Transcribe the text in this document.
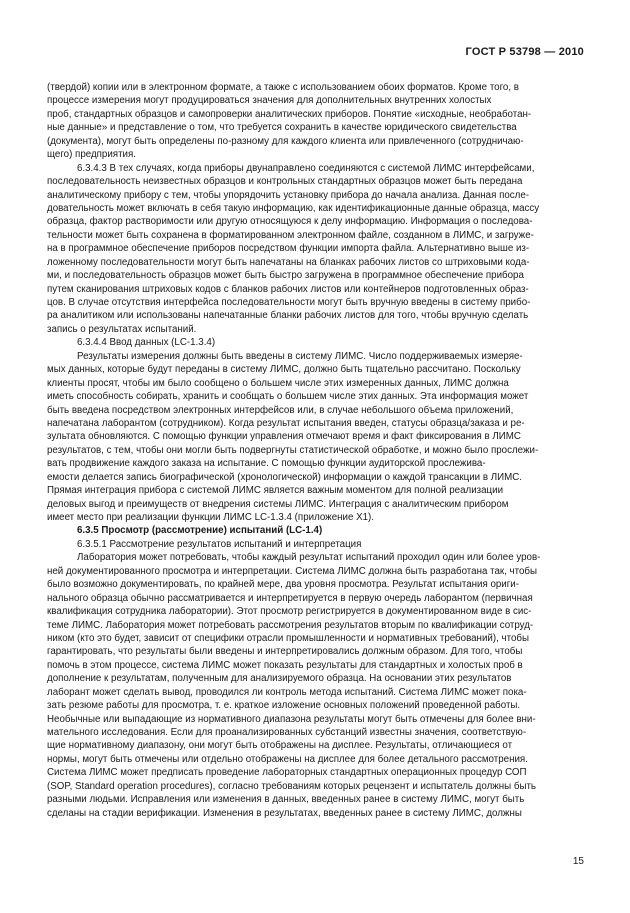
ГОСТ Р 53798 — 2010
(твердой) копии или в электронном формате, а также с использованием обоих форматов. Кроме того, в
процессе измерения могут продуцироваться значения для дополнительных внутренних холостых
проб, стандартных образцов и самопроверки аналитических приборов. Понятие «исходные, необработан-
ные данные» и представление о том, что требуется сохранить в качестве юридического свидетельства
(документа), могут быть определены по-разному для каждого клиента или привлеченного (сотрудничаю-
щего) предприятия.
6.3.4.3 В тех случаях, когда приборы двунаправлено соединяются с системой ЛИМС интерфейсами,
последовательность неизвестных образцов и контрольных стандартных образцов может быть передана
аналитическому прибору с тем, чтобы упорядочить установку прибора до начала анализа. Данная после-
довательность может включать в себя такую информацию, как идентификационные данные образца, массу
образца, фактор растворимости или другую относящуюся к делу информацию. Информация о последова-
тельности может быть сохранена в форматированном электронном файле, созданном в ЛИМС, и загруже-
на в программное обеспечение приборов посредством функции импорта файла. Альтернативно выше из-
ложенному последовательности могут быть напечатаны на бланках рабочих листов со штриховыми кода-
ми, и последовательность образцов может быть быстро загружена в программное обеспечение прибора
путем сканирования штриховых кодов с бланков рабочих листов или контейнеров подготовленных образ-
цов. В случае отсутствия интерфейса последовательности могут быть вручную введены в систему прибо-
ра аналитиком или использованы напечатанные бланки рабочих листов для того, чтобы вручную сделать
запись о результатах испытаний.
6.3.4.4 Ввод данных (LC-1.3.4)
Результаты измерения должны быть введены в систему ЛИМС. Число поддерживаемых измеряе-
мых данных, которые будут переданы в систему ЛИМС, должно быть тщательно рассчитано. Поскольку
клиенты просят, чтобы им было сообщено о большем числе этих измеренных данных, ЛИМС должна
иметь способность собирать, хранить и сообщать о большем числе этих данных. Эта информация может
быть введена посредством электронных интерфейсов или, в случае небольшого объема приложений,
напечатана лаборантом (сотрудником). Когда результат испытания введен, статусы образца/заказа и ре-
зультата обновляются. С помощью функции управления отмечают время и факт фиксирования в ЛИМС
результатов, с тем, чтобы они могли быть подвергнуты статистической обработке, и можно было прослежи-
вать продвижение каждого заказа на испытание. С помощью функции аудиторской прослежива-
емости делается запись биографической (хронологической) информации о каждой трансакции в ЛИМС.
Прямая интеграция прибора с системой ЛИМС является важным моментом для полной реализации
деловых выгод и преимуществ от внедрения системы ЛИМС. Интеграция с аналитическим прибором
имеет место при реализации функции ЛИМС LC-1.3.4 (приложение Х1).
6.3.5 Просмотр (рассмотрение) испытаний (LC-1.4)
6.3.5.1 Рассмотрение результатов испытаний и интерпретация
Лаборатория может потребовать, чтобы каждый результат испытаний проходил один или более уров-
ней документированного просмотра и интерпретации. Система ЛИМС должна быть разработана так, чтобы
было возможно документировать, по крайней мере, два уровня просмотра. Результат испытания ориги-
нального образца обычно рассматривается и интерпретируется в первую очередь лаборантом (первичная
квалификация сотрудника лаборатории). Этот просмотр регистрируется в документированном виде в сис-
теме ЛИМС. Лаборатория может потребовать рассмотрения результатов вторым по квалификации сотруд-
ником (кто это будет, зависит от специфики отрасли промышленности и нормативных требований), чтобы
гарантировать, что результаты были введены и интерпретировались должным образом. Для того, чтобы
помочь в этом процессе, система ЛИМС может показать результаты для стандартных и холостых проб в
дополнение к результатам, полученным для анализируемого образца. На основании этих результатов
лаборант может сделать вывод, проводился ли контроль метода испытаний. Система ЛИМС может пока-
зать резюме работы для просмотра, т. е. краткое изложение основных положений проведенной работы.
Необычные или выпадающие из нормативного диапазона результаты могут быть отмечены для более вни-
мательного исследования. Если для проанализированных субстанций известны значения, соответствую-
щие нормативному диапазону, они могут быть отображены на дисплее. Результаты, отличающиеся от
нормы, могут быть отмечены или отдельно отображены на дисплее для более детального рассмотрения.
Система ЛИМС может предписать проведение лабораторных стандартных операционных процедур СОП
(SOP, Standard operation procedures), согласно требованиям которых рецензент и испытатель должны быть
разными людьми. Исправления или изменения в данных, введенных ранее в систему ЛИМС, могут быть
сделаны на стадии верификации. Изменения в результатах, введенных ранее в систему ЛИМС, должны
15
